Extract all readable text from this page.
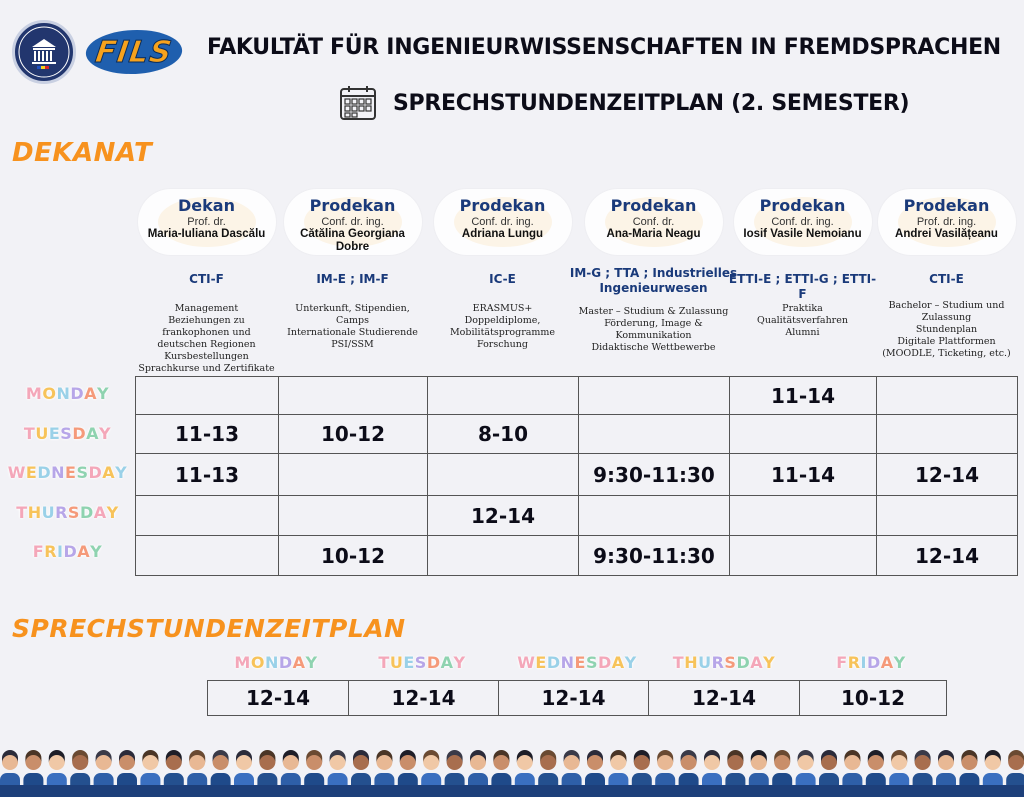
FILS FAKULTÄT FÜR INGENIEURWISSENSCHAFTEN IN FREMDSPRACHEN
SPRECHSTUNDENZEITPLAN (2. SEMESTER)
DEKANAT
Dekan
Prof. dr.
Maria-Iuliana Dascălu
CTI-F
Management
Beziehungen zu
frankophonen und
deutschen Regionen
Kursbestellungen
Sprachkurse und Zertifikate
Prodekan
Conf. dr. ing.
Cătălina Georgiana Dobre
IM-E ; IM-F
Unterkunft, Stipendien,
Camps
Internationale Studierende
PSI/SSM
Prodekan
Conf. dr. ing.
Adriana Lungu
IC-E
ERASMUS+
Doppeldiplome,
Mobilitätsprogramme
Forschung
Prodekan
Conf. dr.
Ana-Maria Neagu
IM-G ; TTA ; Industrielles Ingenieurwesen
Master – Studium & Zulassung
Förderung, Image &
Kommunikation
Didaktische Wettbewerbe
Prodekan
Conf. dr. ing.
Iosif Vasile Nemoianu
ETTI-E ; ETTI-G ; ETTI-F
Praktika
Qualitätsverfahren
Alumni
Prodekan
Prof. dr. ing.
Andrei Vasilățeanu
CTI-E
Bachelor – Studium und
Zulassung
Stundenplan
Digitale Plattformen
(MOODLE, Ticketing, etc.)
				11-14	
11-13	10-12	8-10			
11-13			9:30-11:30	11-14	12-14
		12-14			
	10-12		9:30-11:30		12-14
MONDAY
TUESDAY
WEDNESDAY
THURSDAY
FRIDAY
SPRECHSTUNDENZEITPLAN
MONDAY	TUESDAY	WEDNESDAY	THURSDAY	FRIDAY
12-14	12-14	12-14	12-14	10-12
